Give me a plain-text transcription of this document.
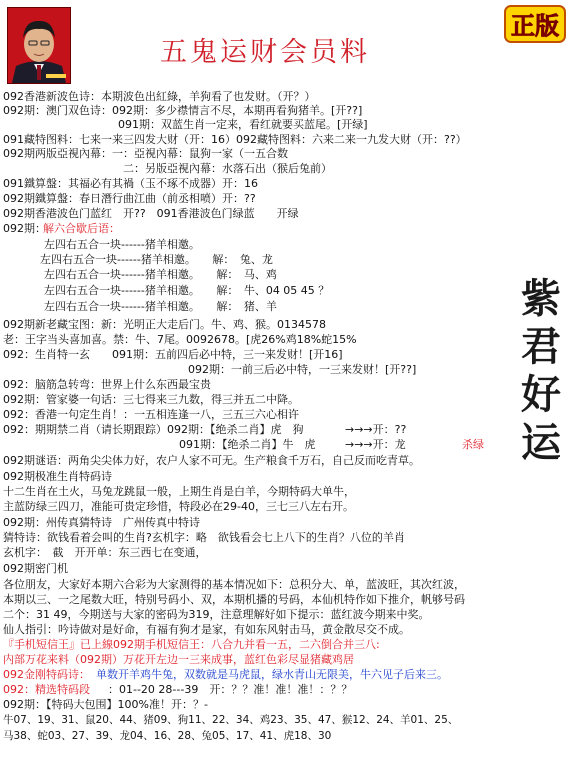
五鬼运财会员料
正版
紫
君
好
运
092香港新波色诗：本期波色出紅綠，羊狗看了也发财。（开？）
092期：澳门双色诗：092期：多少襟情言不尽，本期再看狗猪羊。[开??]
091期：双蓝生肖一定来，看红就要买蓝尾。[开绿]
091藏特图料：七来一来三四发大财（开：16）092藏特图料：六来二来一九发大财（开：??）
092期两版亞視內幕：一：亞視內幕：鼠狗一家（一五合数
二：另版亞視內幕：水落石出（猴后兔前）
091鐵算盤：其福必有其禍（玉不琢不成器）开：16
092期鐵算盤：春日潛行曲江曲（前丞相喷）开：??
092期香港波色门蓝红　开??　091香港波色门绿蓝　　开绿
092期：
解六合歇后语：
左四右五合一块------猪羊相邀。
左四右五合一块------猪羊相邀。　　解：　兔、龙
左四右五合一块------猪羊相邀。　　解：　马、鸡
左四右五合一块------猪羊相邀。　　解：　牛、04 05 45 ？
左四右五合一块------猪羊相邀。　　解：　猪、羊
092期新老藏宝图：新：光明正大走后门。牛、鸡、猴。0134578
老：王字当头喜加喜。禁：牛、7尾。0092678。[虎26%鸡18%蛇15%
092：生肖特一玄　　091期：五前四后必中特，三一来发财！[开16]
092期：一前三后必中特，一三来发财！[开??]
092：脑筋急转弯：世界上什么东西最宝贵
092期：管家婆一句话：三七得来三九数，得三并五二中降。
092：香港一句定生肖！：一五相连逢一八，三五三六心相许
092：期期禁二肖（请长期跟踪）092期：【绝杀二肖】虎　狗	→→→开：??
091期：【绝杀二肖】牛　虎	→→→开：龙	杀绿
092期谜语：两角尖尖体力好，农户人家不可无。生产粮食千万石，自己反而吃青草。
092期极准生肖特码诗
十二生肖在土火，马兔龙跳鼠一般，上期生肖是白羊，今期特码大单牛，
主蓝防绿三四刀，准能可贵定珍惜，特段必在29-40，三七三八左右开。
092期：州传真猜特诗　广州传真中特诗
猜特诗：欲钱看着会叫的生肖?玄机字：略　欲钱看会七上八下的生肖？八位的羊肖
玄机字：　截　开开单：东三西七在变通，
092期密门机
各位朋友，大家好本期六合彩为大家测得的基本情况如下：总积分大、单，蓝波旺，其次红波，
本期以三、一之尾数大旺，特别号码小、双，本期机播的号码，本仙机特作如下推介，帆够号码
二个：31 49，今期送与大家的密码为319，注意理解好如下提示：蓝红波今期来中奖。
仙人指引：吟诗做对是好命，有福有狗才是家，有如东风射击马，黄金散尽交不成。
『手机短信王』已上線092期手机短信王：八合九并看一五，二六倒合并三八:
内部万花来料（092期）万花开左边一三来成事，蓝红色彩尽显猪藏鸡居
092金刚特码诗： 单数开羊鸡牛兔，双数就是马虎鼠，绿水青山无限美，牛六见子后来三。
092：精选特码段 ：01--20 28---39　开：？？准！准！准！：？？
092期：【特码大包围】100%准！开：？-
牛07、19、31、鼠20、44、猪09、狗11、22、34、鸡23、35、47、猴12、24、羊01、25、
马38、蛇03、27、39、龙04、16、28、兔05、17、41、虎18、30
